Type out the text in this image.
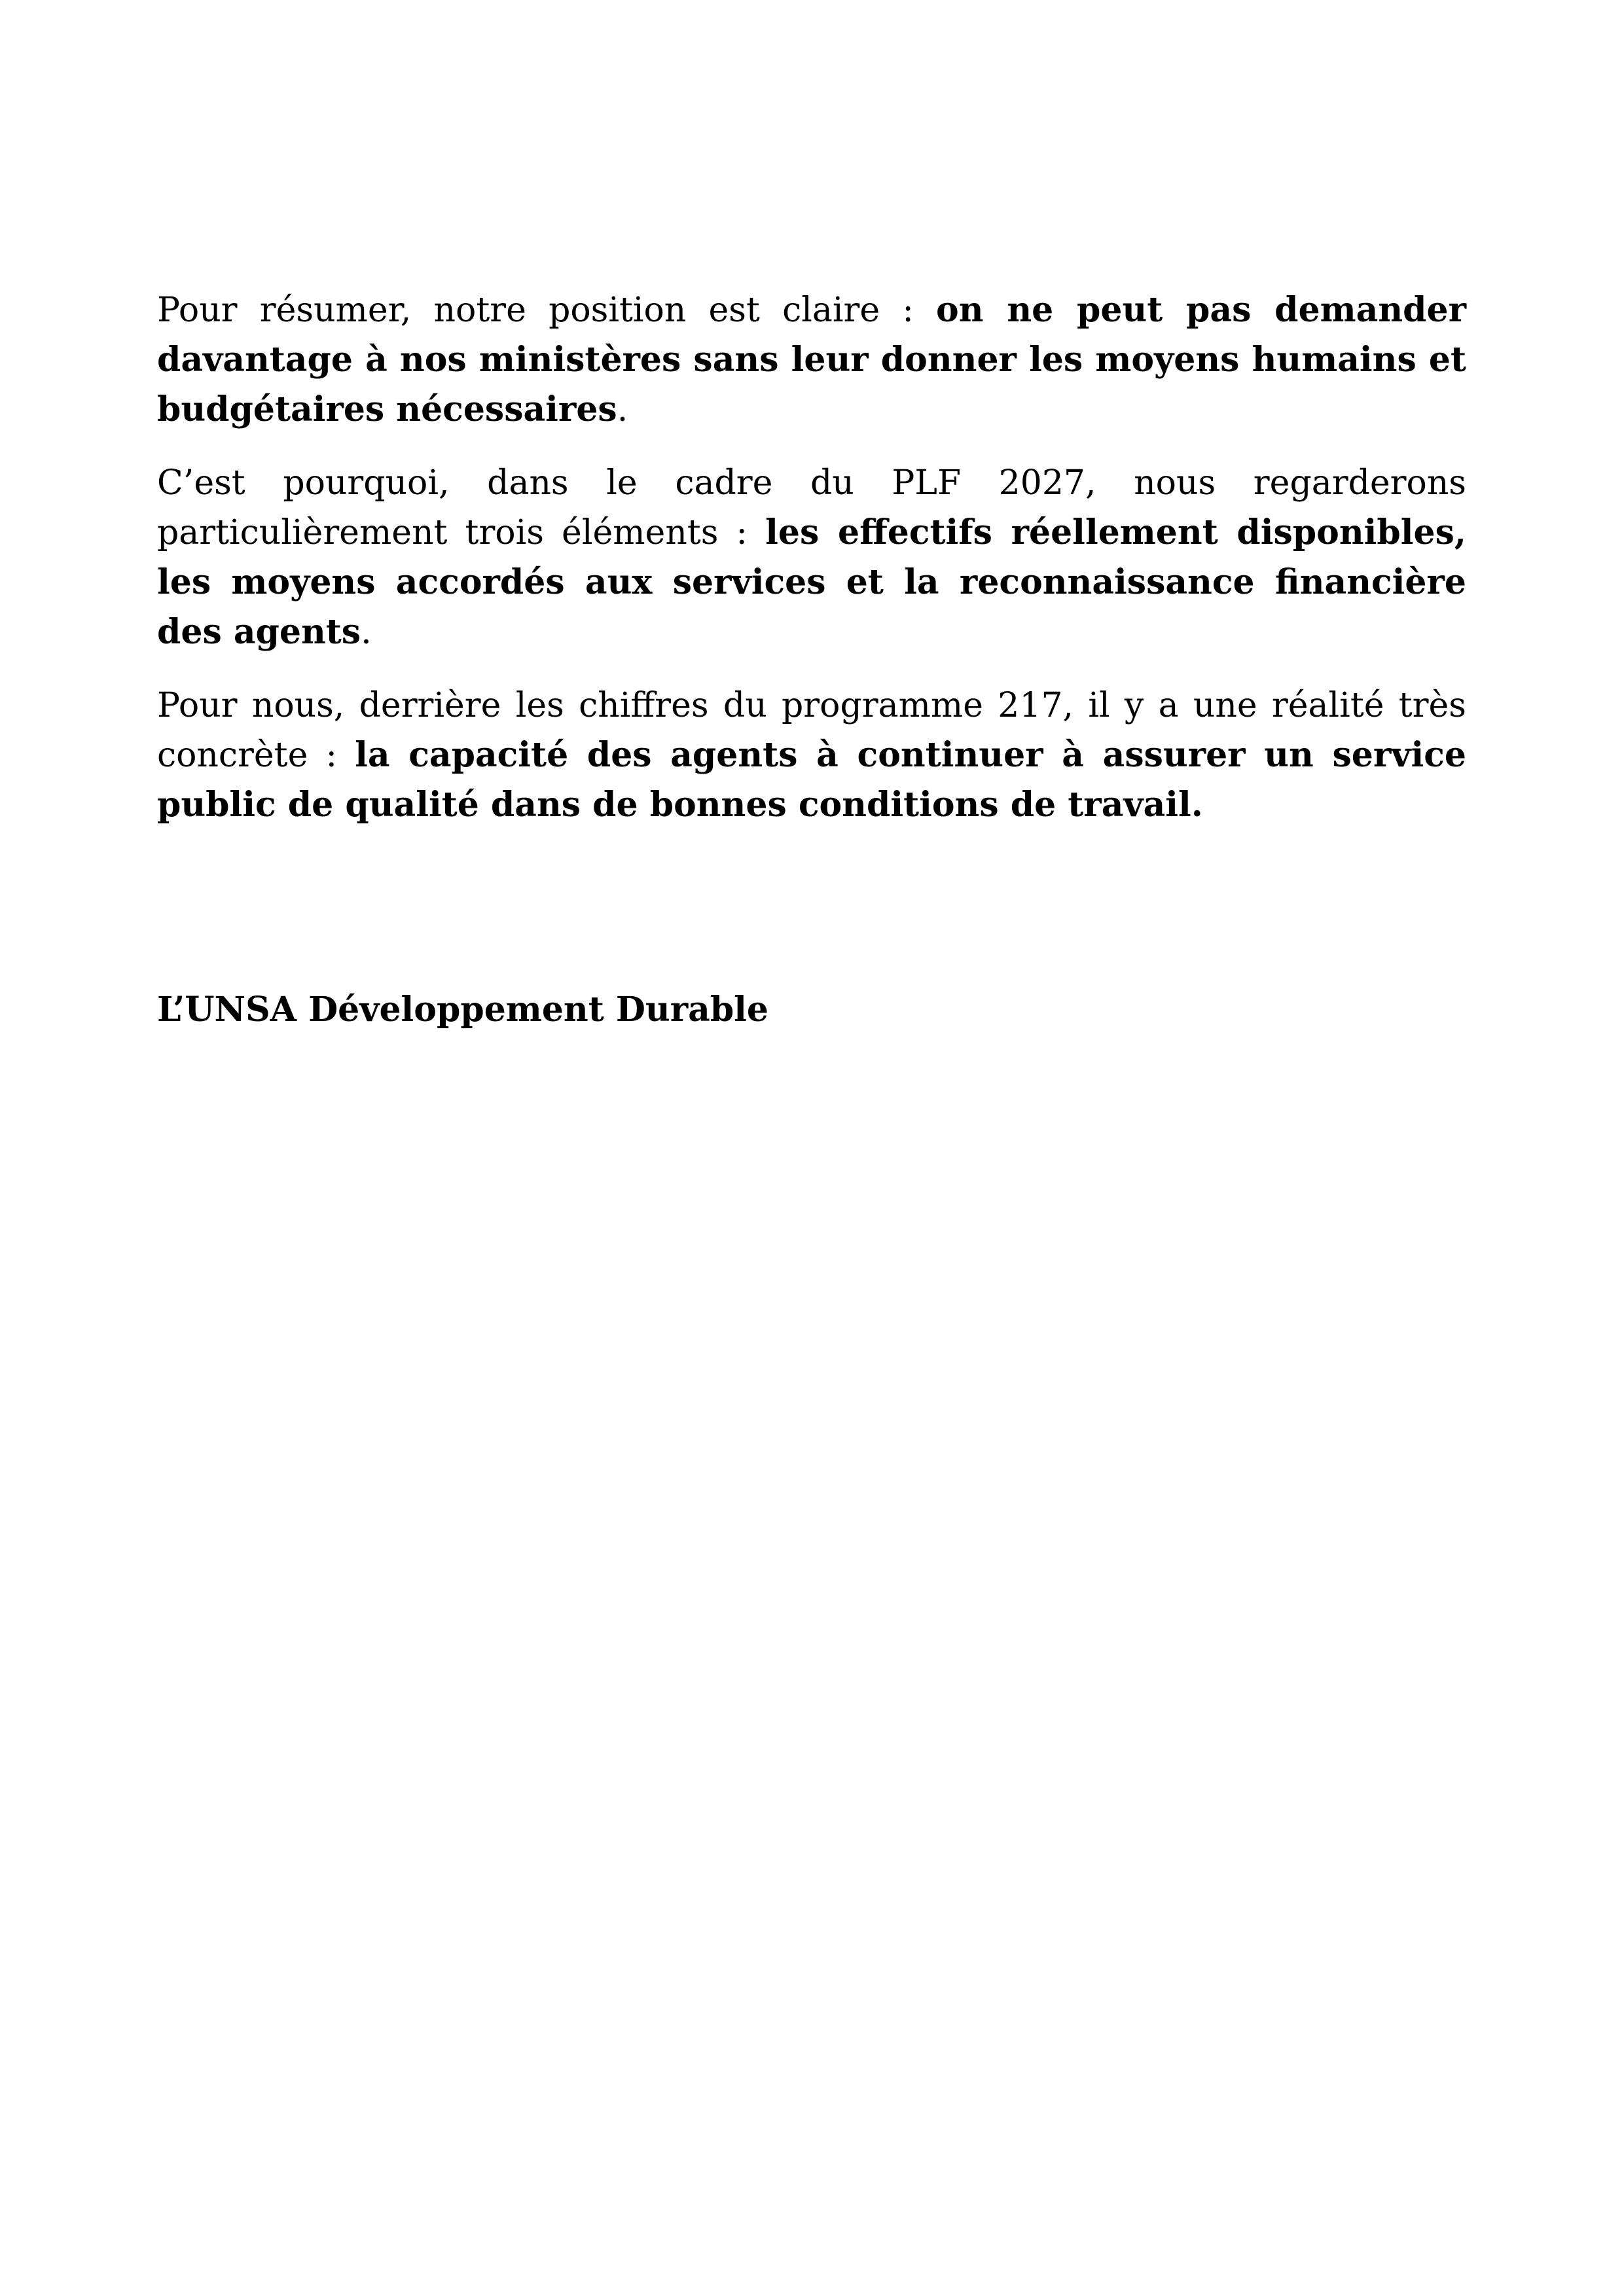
Pour résumer, notre position est claire : on ne peut pas demander davantage à nos ministères sans leur donner les moyens humains et budgétaires nécessaires.

C’est pourquoi, dans le cadre du PLF 2027, nous regarderons particulièrement trois éléments : les effectifs réellement disponibles, les moyens accordés aux services et la reconnaissance financière des agents.

Pour nous, derrière les chiffres du programme 217, il y a une réalité très concrète : la capacité des agents à continuer à assurer un service public de qualité dans de bonnes conditions de travail.

L’UNSA Développement Durable
